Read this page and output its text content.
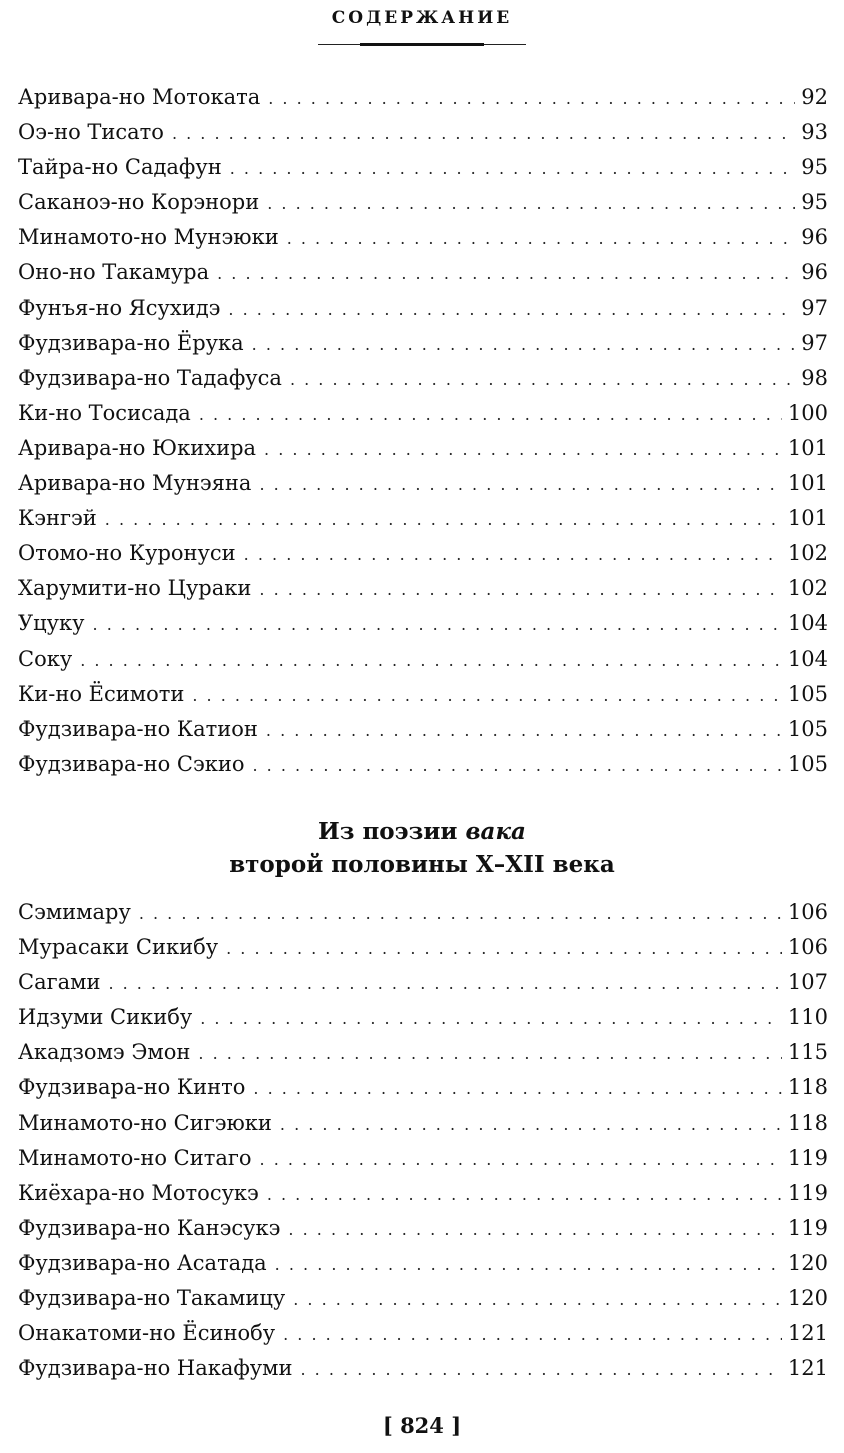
СОДЕРЖАНИЕ
Аривара-но Мотоката . . .	92
Оэ-но Тисато . . .	93
Тайра-но Садафун . . .	95
Саканоэ-но Корэнори . . .	95
Минамото-но Мунэюки . . .	96
Оно-но Такамура . . .	96
Фунъя-но Ясухидэ . . .	97
Фудзивара-но Ёрука . . .	97
Фудзивара-но Тадафуса . . .	98
Ки-но Тосисада . . .	100
Аривара-но Юкихира . . .	101
Аривара-но Мунэяна . . .	101
Кэнгэй . . .	101
Отомо-но Куронуси . . .	102
Харумити-но Цураки . . .	102
Уцуку . . .	104
Соку . . .	104
Ки-но Ёсимоти . . .	105
Фудзивара-но Катион . . .	105
Фудзивара-но Сэкио . . .	105
Из поэзии вака
второй половины X–XII века
Сэмимару . . .	106
Мурасаки Сикибу . . .	106
Сагами . . .	107
Идзуми Сикибу . . .	110
Акадзомэ Эмон . . .	115
Фудзивара-но Кинто . . .	118
Минамото-но Сигэюки . . .	118
Минамото-но Ситаго . . .	119
Киёхара-но Мотосукэ . . .	119
Фудзивара-но Канэсукэ . . .	119
Фудзивара-но Асатада . . .	120
Фудзивара-но Такамицу . . .	120
Онакатоми-но Ёсинобу . . .	121
Фудзивара-но Накафуми . . .	121
[ 824 ]
